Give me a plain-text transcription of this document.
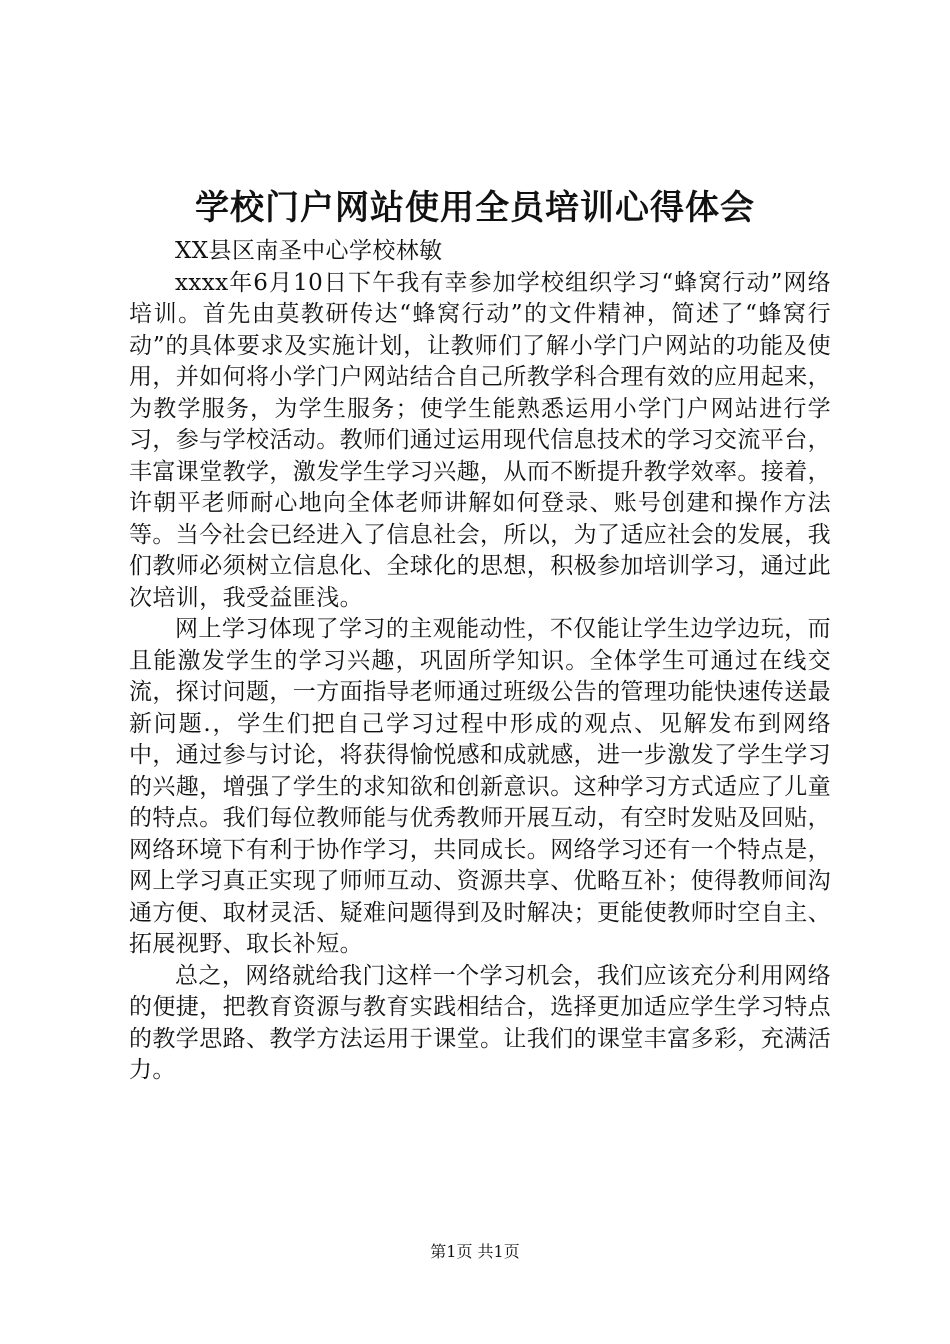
学校门户网站使用全员培训心得体会

XX县区南圣中心学校林敏

xxxx年6月10日下午我有幸参加学校组织学习“蜂窝行动”网络培训。首先由莫教研传达“蜂窝行动”的文件精神，简述了“蜂窝行动”的具体要求及实施计划，让教师们了解小学门户网站的功能及使用，并如何将小学门户网站结合自己所教学科合理有效的应用起来，为教学服务，为学生服务；使学生能熟悉运用小学门户网站进行学习，参与学校活动。教师们通过运用现代信息技术的学习交流平台，丰富课堂教学，激发学生学习兴趣，从而不断提升教学效率。接着，许朝平老师耐心地向全体老师讲解如何登录、账号创建和操作方法等。当今社会已经进入了信息社会，所以，为了适应社会的发展，我们教师必须树立信息化、全球化的思想，积极参加培训学习，通过此次培训，我受益匪浅。

网上学习体现了学习的主观能动性，不仅能让学生边学边玩，而且能激发学生的学习兴趣，巩固所学知识。全体学生可通过在线交流，探讨问题，一方面指导老师通过班级公告的管理功能快速传送最新问题.，学生们把自己学习过程中形成的观点、见解发布到网络中，通过参与讨论，将获得愉悦感和成就感，进一步激发了学生学习的兴趣，增强了学生的求知欲和创新意识。这种学习方式适应了儿童的特点。我们每位教师能与优秀教师开展互动，有空时发贴及回贴，网络环境下有利于协作学习，共同成长。网络学习还有一个特点是，网上学习真正实现了师师互动、资源共享、优略互补；使得教师间沟通方便、取材灵活、疑难问题得到及时解决；更能使教师时空自主、拓展视野、取长补短。

总之，网络就给我门这样一个学习机会，我们应该充分利用网络的便捷，把教育资源与教育实践相结合，选择更加适应学生学习特点的教学思路、教学方法运用于课堂。让我们的课堂丰富多彩，充满活力。

第1页 共1页
